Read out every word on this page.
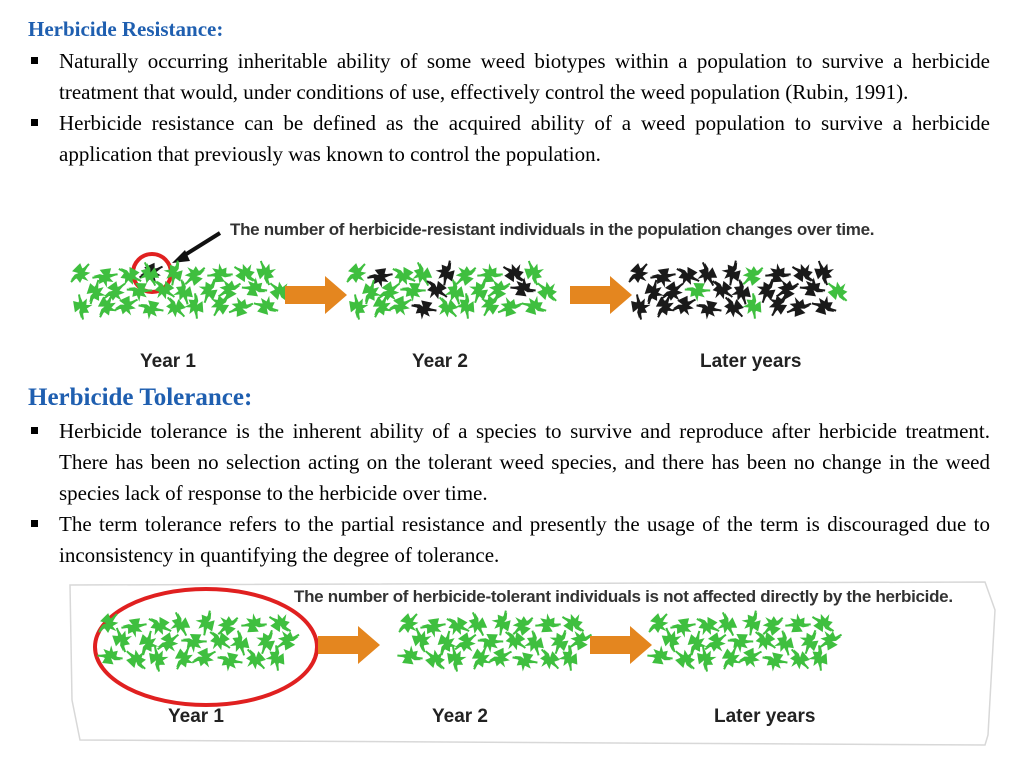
Herbicide Resistance:
Naturally occurring inheritable ability of some weed biotypes within a population to survive a herbicide treatment that would, under conditions of use, effectively control the weed population (Rubin, 1991).
Herbicide resistance can be defined as the acquired ability of a weed population to survive a herbicide application that previously was known to control the population.
The number of herbicide-resistant individuals in the population changes over time.
Year 1	Year 2	Later years
Herbicide Tolerance:
Herbicide tolerance is the inherent ability of a species to survive and reproduce after herbicide treatment. There has been no selection acting on the tolerant weed species, and there has been no change in the weed species lack of response to the herbicide over time.
The term tolerance refers to the partial resistance and presently the usage of the term is discouraged due to inconsistency in quantifying the degree of tolerance.
The number of herbicide-tolerant individuals is not affected directly by the herbicide.
Year 1	Year 2	Later years
